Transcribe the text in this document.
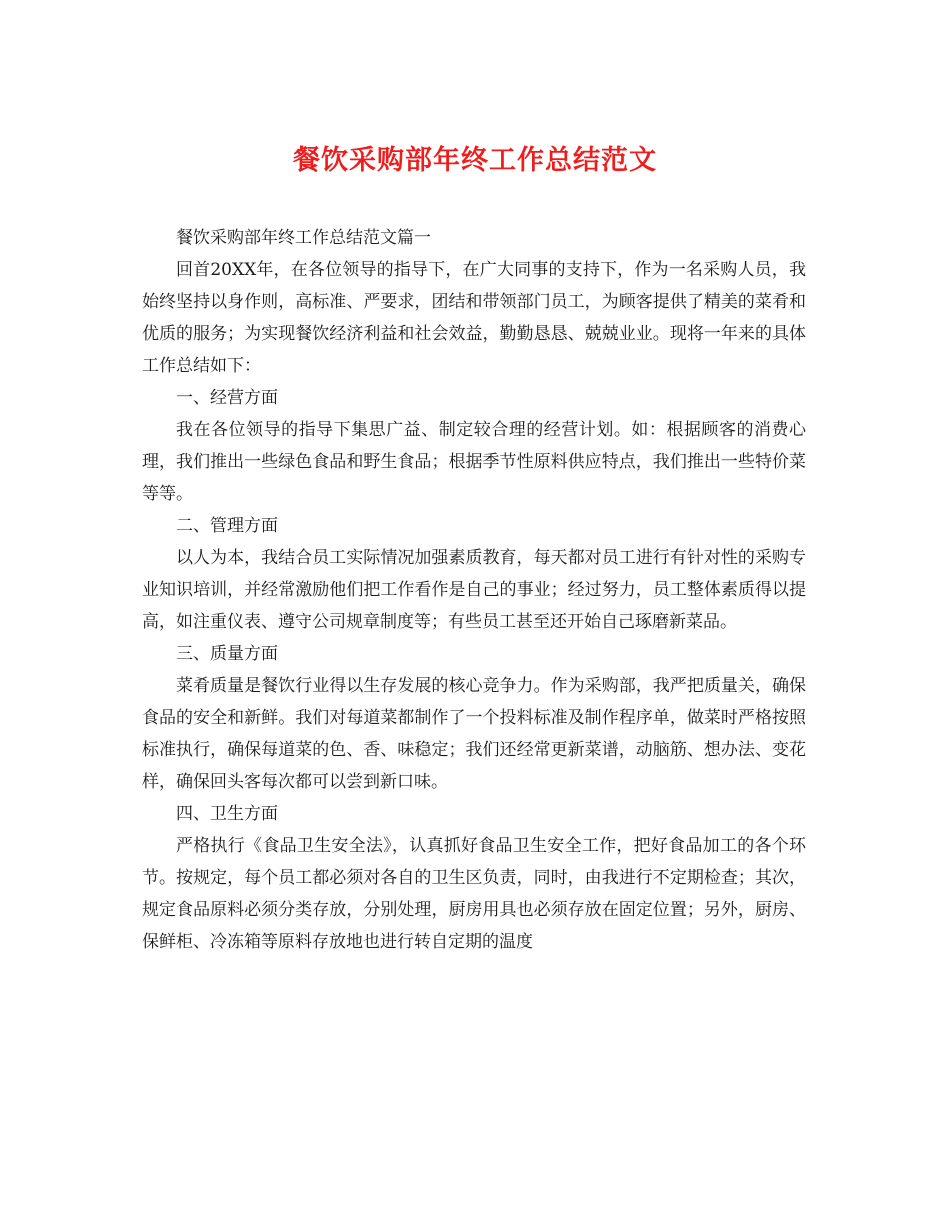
餐饮采购部年终工作总结范文

餐饮采购部年终工作总结范文篇一

回首20XX年，在各位领导的指导下，在广大同事的支持下，作为一名采购人员，我始终坚持以身作则，高标准、严要求，团结和带领部门员工，为顾客提供了精美的菜肴和优质的服务；为实现餐饮经济利益和社会效益，勤勤恳恳、兢兢业业。现将一年来的具体工作总结如下：

一、经营方面

我在各位领导的指导下集思广益、制定较合理的经营计划。如：根据顾客的消费心理，我们推出一些绿色食品和野生食品；根据季节性原料供应特点，我们推出一些特价菜等等。

二、管理方面

以人为本，我结合员工实际情况加强素质教育，每天都对员工进行有针对性的采购专业知识培训，并经常激励他们把工作看作是自己的事业；经过努力，员工整体素质得以提高，如注重仪表、遵守公司规章制度等；有些员工甚至还开始自己琢磨新菜品。

三、质量方面

菜肴质量是餐饮行业得以生存发展的核心竞争力。作为采购部，我严把质量关，确保食品的安全和新鲜。我们对每道菜都制作了一个投料标准及制作程序单，做菜时严格按照标准执行，确保每道菜的色、香、味稳定；我们还经常更新菜谱，动脑筋、想办法、变花样，确保回头客每次都可以尝到新口味。

四、卫生方面

严格执行《食品卫生安全法》，认真抓好食品卫生安全工作，把好食品加工的各个环节。按规定，每个员工都必须对各自的卫生区负责，同时，由我进行不定期检查；其次，规定食品原料必须分类存放，分别处理，厨房用具也必须存放在固定位置；另外，厨房、保鲜柜、冷冻箱等原料存放地也进行转自定期的温度
